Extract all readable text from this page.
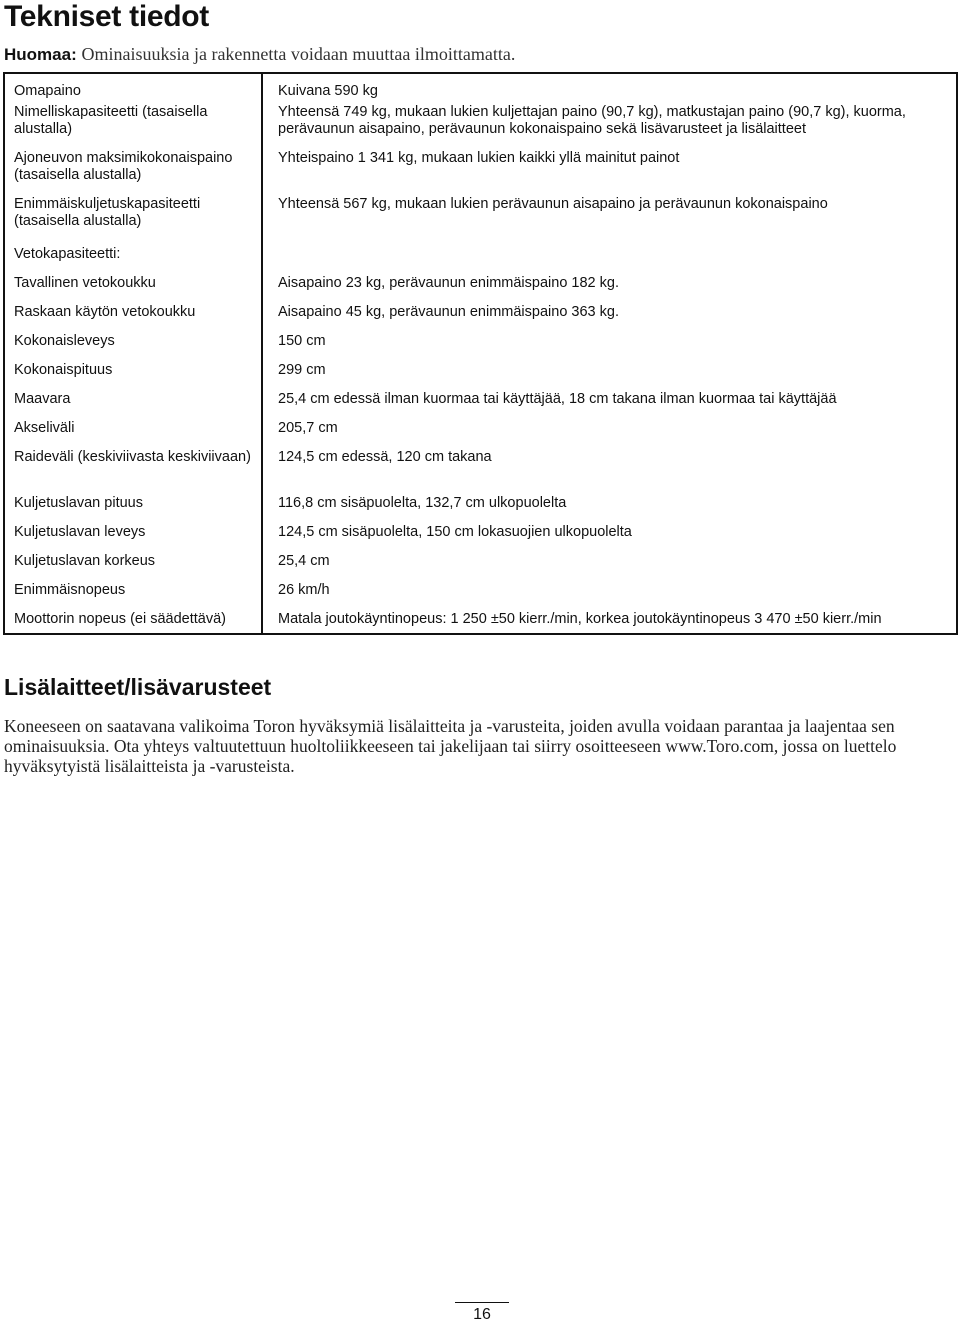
Tekniset tiedot
Huomaa: Ominaisuuksia ja rakennetta voidaan muuttaa ilmoittamatta.
Omapaino	Kuivana 590 kg
Nimelliskapasiteetti (tasaisella alustalla)	Yhteensä 749 kg, mukaan lukien kuljettajan paino (90,7 kg), matkustajan paino (90,7 kg), kuorma, perävaunun aisapaino, perävaunun kokonaispaino sekä lisävarusteet ja lisälaitteet
Ajoneuvon maksimikokonaispaino (tasaisella alustalla)	Yhteispaino 1 341 kg, mukaan lukien kaikki yllä mainitut painot
Enimmäiskuljetuskapasiteetti (tasaisella alustalla)	Yhteensä 567 kg, mukaan lukien perävaunun aisapaino ja perävaunun kokonaispaino
Vetokapasiteetti:	
Tavallinen vetokoukku	Aisapaino 23 kg, perävaunun enimmäispaino 182 kg.
Raskaan käytön vetokoukku	Aisapaino 45 kg, perävaunun enimmäispaino 363 kg.
Kokonaisleveys	150 cm
Kokonaispituus	299 cm
Maavara	25,4 cm edessä ilman kuormaa tai käyttäjää, 18 cm takana ilman kuormaa tai käyttäjää
Akseliväli	205,7 cm
Raideväli (keskiviivasta keskiviivaan)	124,5 cm edessä, 120 cm takana
Kuljetuslavan pituus	116,8 cm sisäpuolelta, 132,7 cm ulkopuolelta
Kuljetuslavan leveys	124,5 cm sisäpuolelta, 150 cm lokasuojien ulkopuolelta
Kuljetuslavan korkeus	25,4 cm
Enimmäisnopeus	26 km/h
Moottorin nopeus (ei säädettävä)	Matala joutokäyntinopeus: 1 250 ±50 kierr./min, korkea joutokäyntinopeus 3 470 ±50 kierr./min
Lisälaitteet/lisävarusteet

Koneeseen on saatavana valikoima Toron hyväksymiä lisälaitteita ja -varusteita, joiden avulla voidaan parantaa ja laajentaa sen ominaisuuksia. Ota yhteys valtuutettuun huoltoliikkeeseen tai jakelijaan tai siirry osoitteeseen www.Toro.com, jossa on luettelo hyväksytyistä lisälaitteista ja -varusteista.

16
